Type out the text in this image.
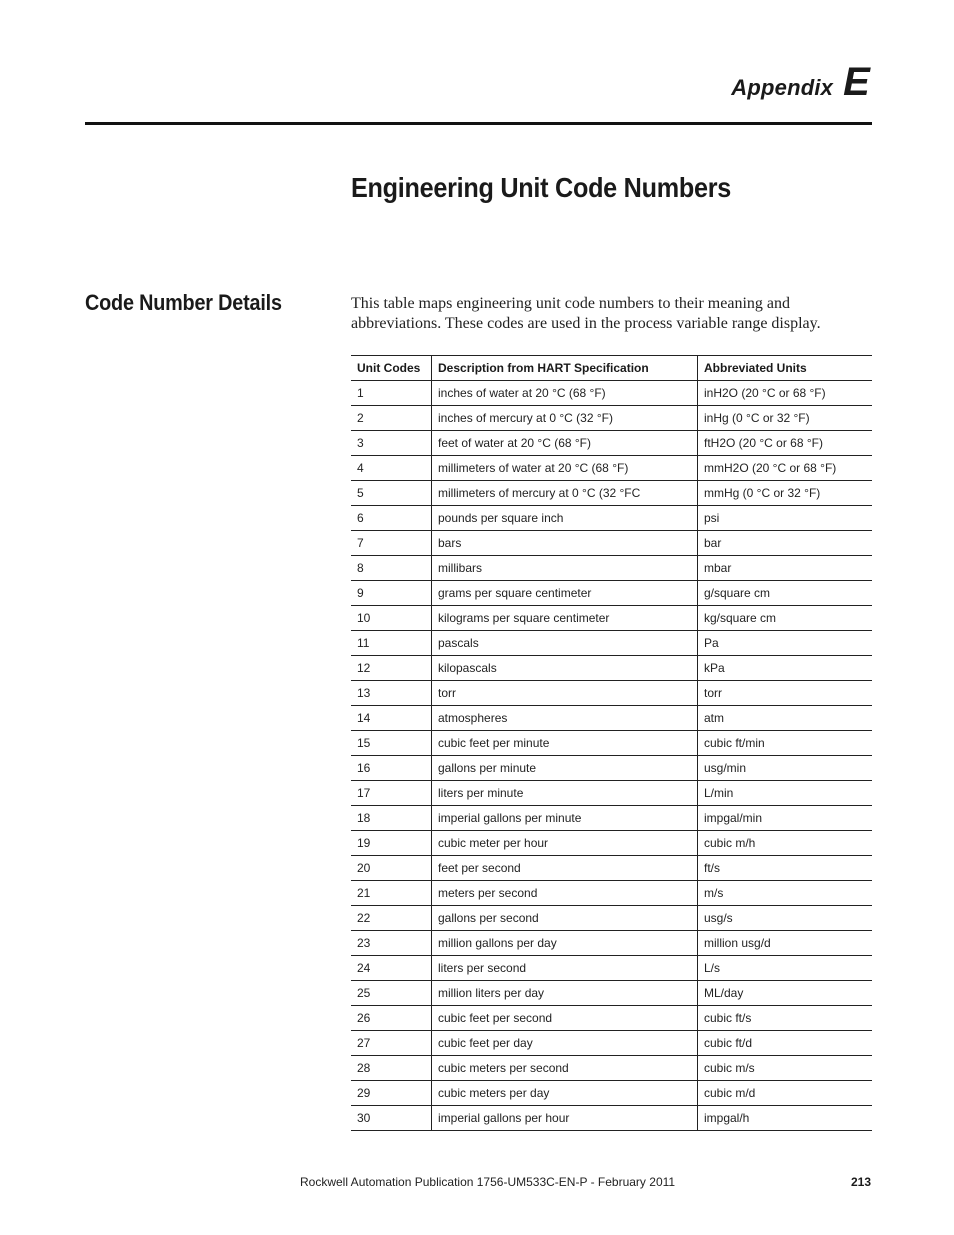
Appendix E
Engineering Unit Code Numbers
Code Number Details	This table maps engineering unit code numbers to their meaning and abbreviations. These codes are used in the process variable range display.

Unit Codes	Description from HART Specification	Abbreviated Units
1	inches of water at 20 °C (68 °F)	inH2O (20 °C or 68 °F)
2	inches of mercury at 0 °C (32 °F)	inHg (0 °C or 32 °F)
3	feet of water at 20 °C (68 °F)	ftH2O (20 °C or 68 °F)
4	millimeters of water at 20 °C (68 °F)	mmH2O (20 °C or 68 °F)
5	millimeters of mercury at 0 °C (32 °FC	mmHg (0 °C or 32 °F)
6	pounds per square inch	psi
7	bars	bar
8	millibars	mbar
9	grams per square centimeter	g/square cm
10	kilograms per square centimeter	kg/square cm
11	pascals	Pa
12	kilopascals	kPa
13	torr	torr
14	atmospheres	atm
15	cubic feet per minute	cubic ft/min
16	gallons per minute	usg/min
17	liters per minute	L/min
18	imperial gallons per minute	impgal/min
19	cubic meter per hour	cubic m/h
20	feet per second	ft/s
21	meters per second	m/s
22	gallons per second	usg/s
23	million gallons per day	million usg/d
24	liters per second	L/s
25	million liters per day	ML/day
26	cubic feet per second	cubic ft/s
27	cubic feet per day	cubic ft/d
28	cubic meters per second	cubic m/s
29	cubic meters per day	cubic m/d
30	imperial gallons per hour	impgal/h
Rockwell Automation Publication 1756-UM533C-EN-P - February 2011	213
